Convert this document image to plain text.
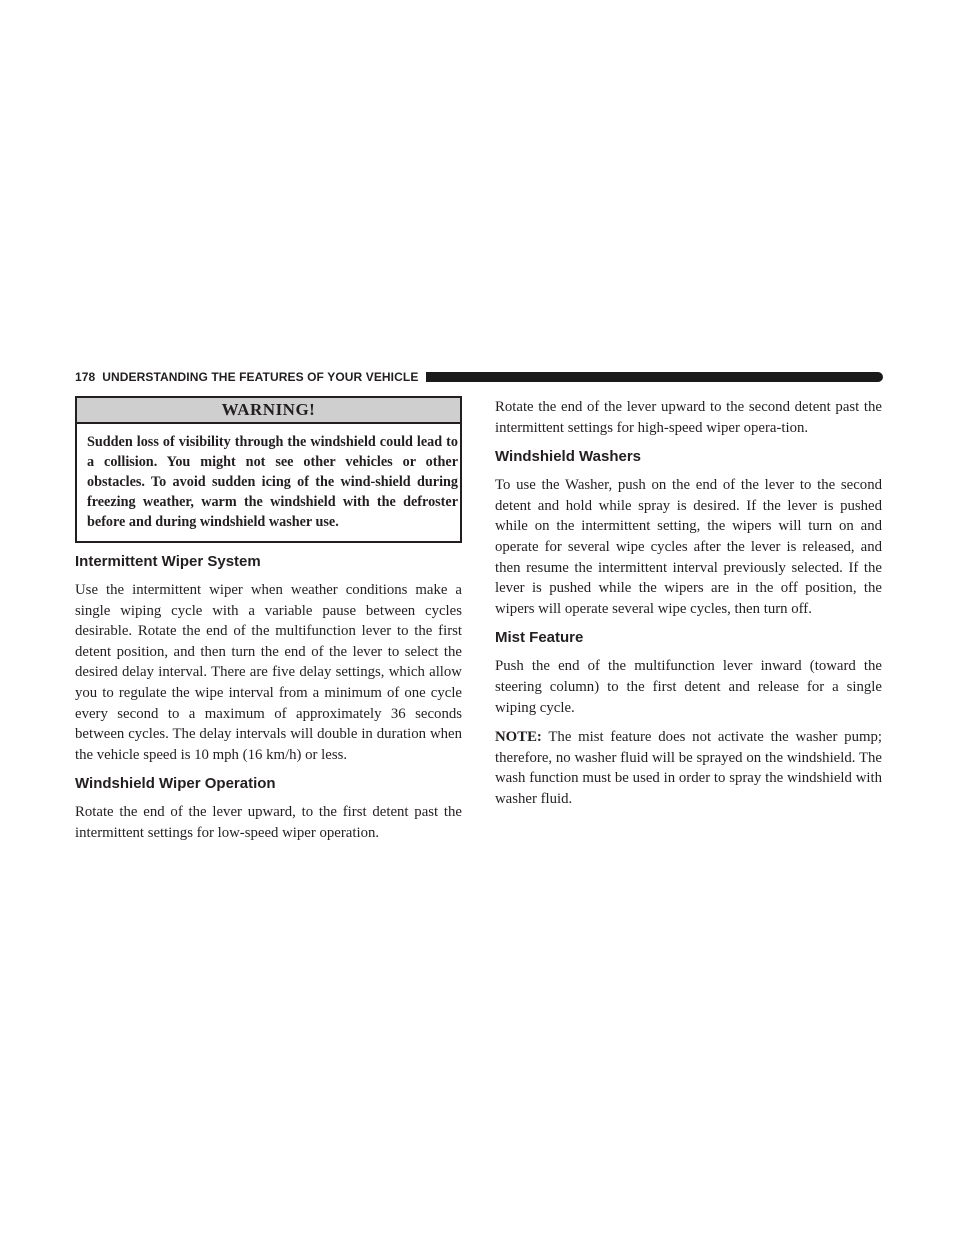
178 UNDERSTANDING THE FEATURES OF YOUR VEHICLE
WARNING!
Sudden loss of visibility through the windshield could lead to a collision. You might not see other vehicles or other obstacles. To avoid sudden icing of the wind-shield during freezing weather, warm the windshield with the defroster before and during windshield washer use.
Intermittent Wiper System

Use the intermittent wiper when weather conditions make a single wiping cycle with a variable pause between cycles desirable. Rotate the end of the multifunction lever to the first detent position, and then turn the end of the lever to select the desired delay interval. There are five delay settings, which allow you to regulate the wipe interval from a minimum of one cycle every second to a maximum of approximately 36 seconds between cycles. The delay intervals will double in duration when the vehicle speed is 10 mph (16 km/h) or less.

Windshield Wiper Operation

Rotate the end of the lever upward, to the first detent past the intermittent settings for low-speed wiper operation.

Rotate the end of the lever upward to the second detent past the intermittent settings for high-speed wiper opera-tion.

Windshield Washers

To use the Washer, push on the end of the lever to the second detent and hold while spray is desired. If the lever is pushed while on the intermittent setting, the wipers will turn on and operate for several wipe cycles after the lever is released, and then resume the intermittent interval previously selected. If the lever is pushed while the wipers are in the off position, the wipers will operate several wipe cycles, then turn off.

Mist Feature

Push the end of the multifunction lever inward (toward the steering column) to the first detent and release for a single wiping cycle.

NOTE: The mist feature does not activate the washer pump; therefore, no washer fluid will be sprayed on the windshield. The wash function must be used in order to spray the windshield with washer fluid.
